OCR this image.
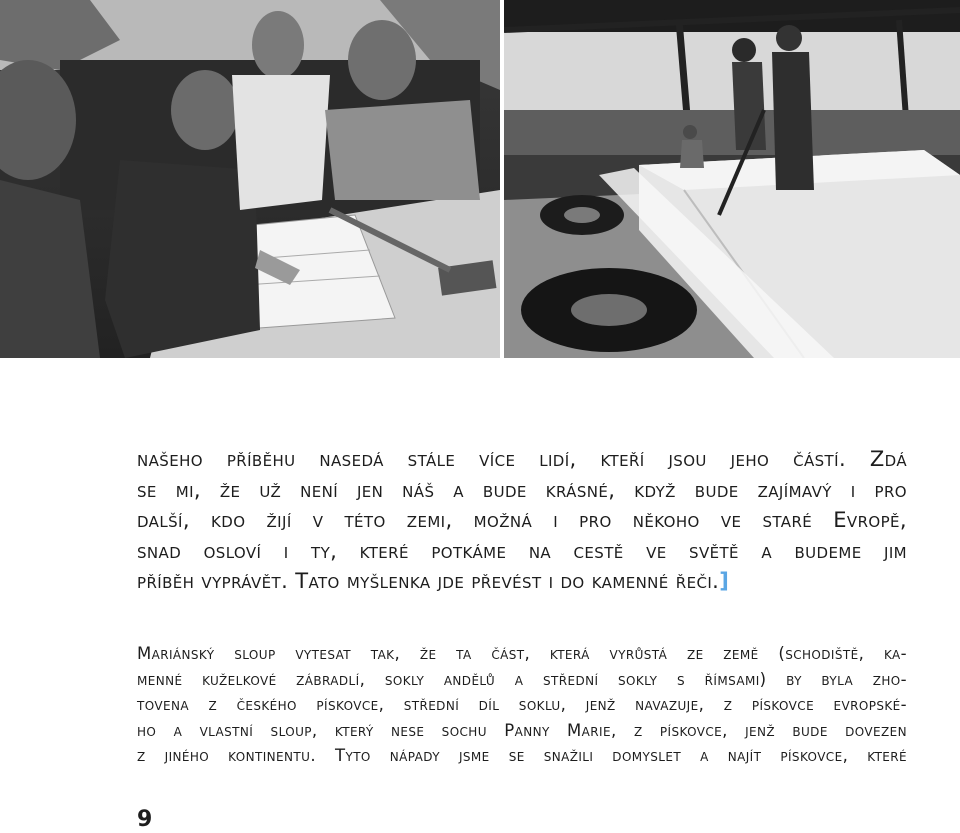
našeho příběhu nasedá stále více lidí, kteří jsou jeho částí. Zdá
se mi, že už není jen náš a bude krásné, když bude zajímavý i pro
další, kdo žijí v této zemi, možná i pro někoho ve staré Evropě,
snad osloví i ty, které potkáme na cestě ve světě a budeme jim
příběh vyprávět. Tato myšlenka jde převést i do kamenné řeči.]

Mariánský sloup vytesat tak, že ta část, která vyrůstá ze země (schodiště, ka-
menné kuželkové zábradlí, sokly andělů a střední sokly s římsami) by byla zho-
tovena z českého pískovce, střední díl soklu, jenž navazuje, z pískovce evropské-
ho a vlastní sloup, který nese sochu Panny Marie, z pískovce, jenž bude dovezen
z jiného kontinentu. Tyto nápady jsme se snažili domyslet a najít pískovce, které

9
